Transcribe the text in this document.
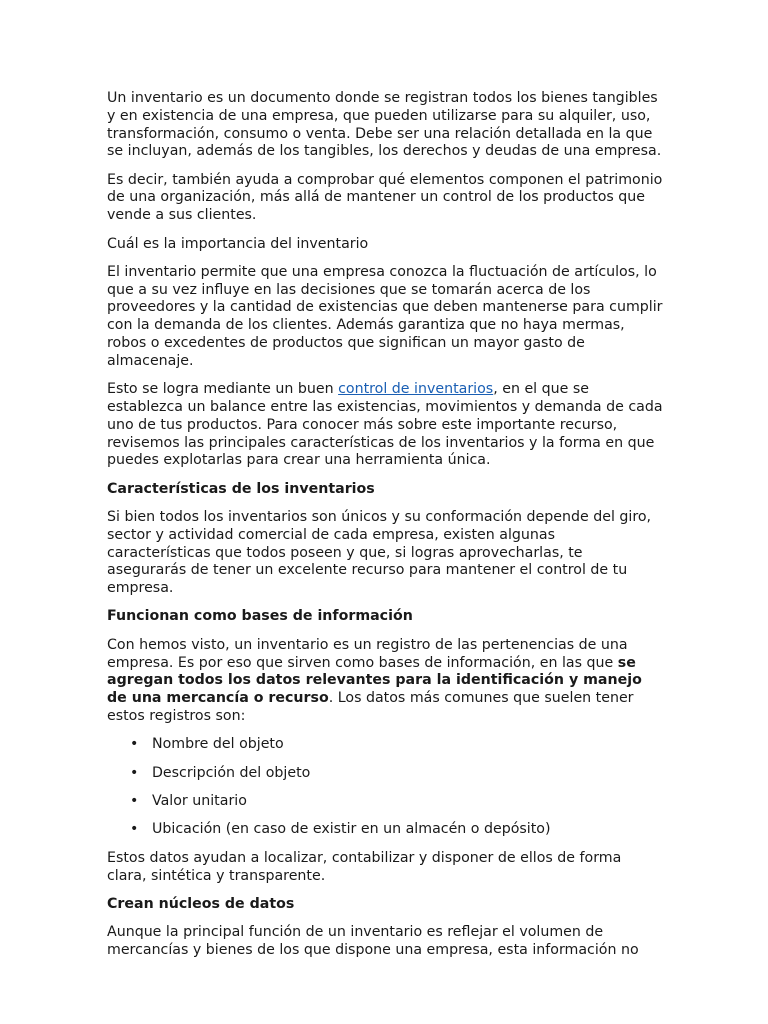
Un inventario es un documento donde se registran todos los bienes tangibles y en existencia de una empresa, que pueden utilizarse para su alquiler, uso, transformación, consumo o venta. Debe ser una relación detallada en la que se incluyan, además de los tangibles, los derechos y deudas de una empresa.

Es decir, también ayuda a comprobar qué elementos componen el patrimonio de una organización, más allá de mantener un control de los productos que vende a sus clientes.

Cuál es la importancia del inventario

El inventario permite que una empresa conozca la fluctuación de artículos, lo que a su vez influye en las decisiones que se tomarán acerca de los proveedores y la cantidad de existencias que deben mantenerse para cumplir con la demanda de los clientes. Además garantiza que no haya mermas, robos o excedentes de productos que significan un mayor gasto de almacenaje.

Esto se logra mediante un buen control de inventarios, en el que se establezca un balance entre las existencias, movimientos y demanda de cada uno de tus productos. Para conocer más sobre este importante recurso, revisemos las principales características de los inventarios y la forma en que puedes explotarlas para crear una herramienta única.

Características de los inventarios

Si bien todos los inventarios son únicos y su conformación depende del giro, sector y actividad comercial de cada empresa, existen algunas características que todos poseen y que, si logras aprovecharlas, te asegurarás de tener un excelente recurso para mantener el control de tu empresa.

Funcionan como bases de información

Con hemos visto, un inventario es un registro de las pertenencias de una empresa. Es por eso que sirven como bases de información, en las que se agregan todos los datos relevantes para la identificación y manejo de una mercancía o recurso. Los datos más comunes que suelen tener estos registros son:

• Nombre del objeto
• Descripción del objeto
• Valor unitario
• Ubicación (en caso de existir en un almacén o depósito)

Estos datos ayudan a localizar, contabilizar y disponer de ellos de forma clara, sintética y transparente.

Crean núcleos de datos

Aunque la principal función de un inventario es reflejar el volumen de mercancías y bienes de los que dispone una empresa, esta información no
